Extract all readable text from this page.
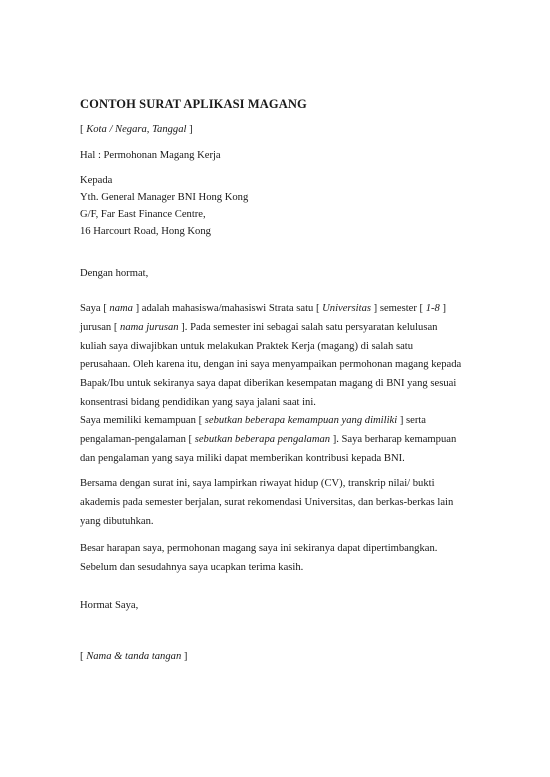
CONTOH SURAT APLIKASI MAGANG
[ Kota / Negara, Tanggal ]
Hal : Permohonan Magang Kerja
Kepada
Yth. General Manager BNI Hong Kong
G/F, Far East Finance Centre,
16 Harcourt Road, Hong Kong
Dengan hormat,
Saya [ nama ] adalah mahasiswa/mahasiswi Strata satu [ Universitas ] semester [ 1-8 ]
jurusan [ nama jurusan ]. Pada semester ini sebagai salah satu persyaratan kelulusan
kuliah saya diwajibkan untuk melakukan Praktek Kerja (magang) di salah satu
perusahaan. Oleh karena itu, dengan ini saya menyampaikan permohonan magang kepada
Bapak/Ibu untuk sekiranya saya dapat diberikan kesempatan magang di BNI yang sesuai
konsentrasi bidang pendidikan yang saya jalani saat ini.
Saya memiliki kemampuan [ sebutkan beberapa kemampuan yang dimiliki ] serta
pengalaman-pengalaman [ sebutkan beberapa pengalaman ]. Saya berharap kemampuan
dan pengalaman yang saya miliki dapat memberikan kontribusi kepada BNI.
Bersama dengan surat ini, saya lampirkan riwayat hidup (CV), transkrip nilai/ bukti
akademis pada semester berjalan, surat rekomendasi Universitas, dan berkas-berkas lain
yang dibutuhkan.
Besar harapan saya, permohonan magang saya ini sekiranya dapat dipertimbangkan.
Sebelum dan sesudahnya saya ucapkan terima kasih.
Hormat Saya,
[ Nama & tanda tangan ]
